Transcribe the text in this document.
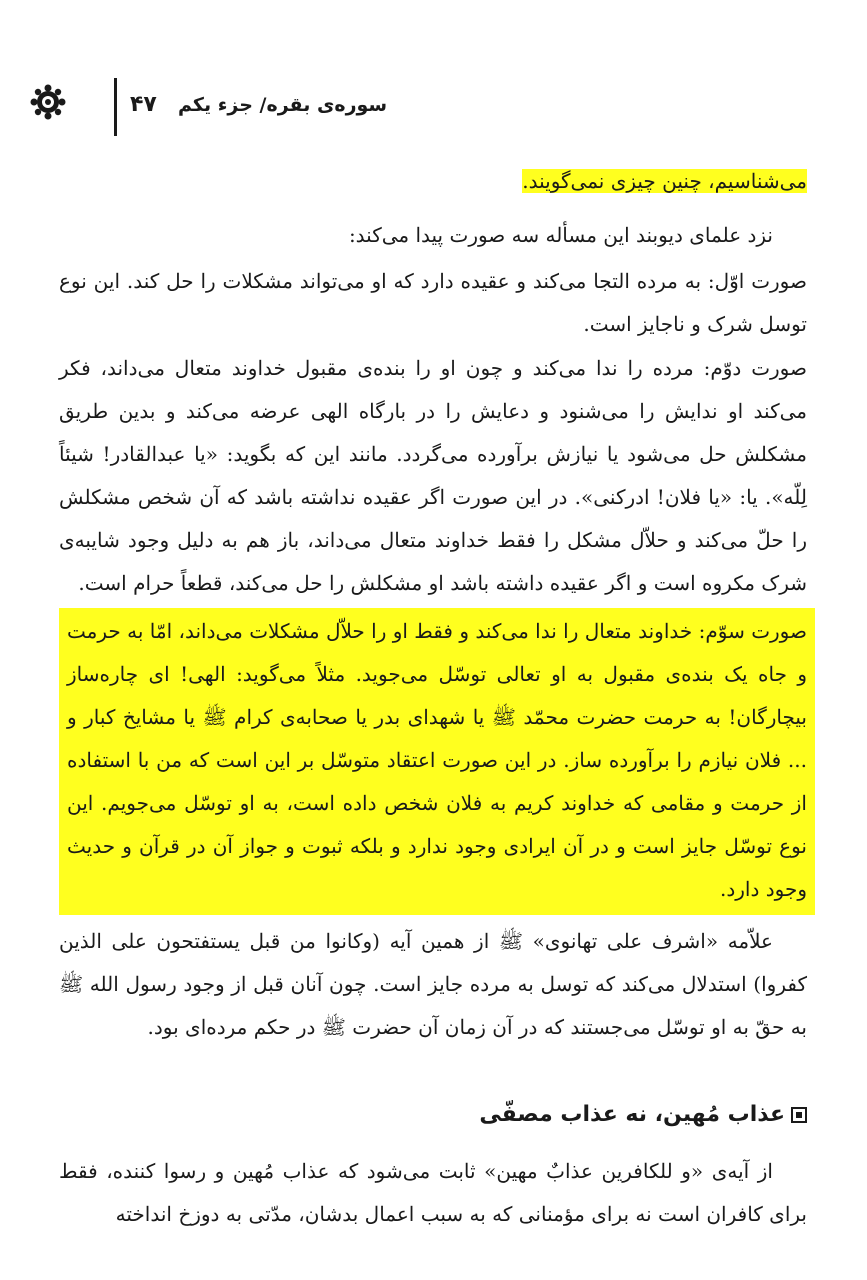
۴۷ سوره‌ی بقره/ جزء یکم
می‌شناسیم، چنین چیزی نمی‌گویند.
نزد علمای دیوبند این مسأله سه صورت پیدا می‌کند:
صورت اوّل: به مرده التجا می‌کند و عقیده دارد که او می‌تواند مشکلات را حل کند. این نوع توسل شرک و ناجایز است.
صورت دوّم: مرده را ندا می‌کند و چون او را بنده‌ی مقبول خداوند متعال می‌داند، فکر می‌کند او ندایش را می‌شنود و دعایش را در بارگاه الهی عرضه می‌کند و بدین طریق مشکلش حل می‌شود یا نیازش برآورده می‌گردد. مانند این که بگوید: «یا عبدالقادر! شیئاً لِلّه». یا: «یا فلان! ادرکنی». در این صورت اگر عقیده نداشته باشد که آن شخص مشکلش را حلّ می‌کند و حلاّل مشکل را فقط خداوند متعال می‌داند، باز هم به دلیل وجود شایبه‌ی شرک مکروه است و اگر عقیده داشته باشد او مشکلش را حل می‌کند، قطعاً حرام است.
صورت سوّم: خداوند متعال را ندا می‌کند و فقط او را حلاّل مشکلات می‌داند، امّا به حرمت و جاه یک بنده‌ی مقبول به او تعالی توسّل می‌جوید. مثلاً می‌گوید: الهی! ای چاره‌ساز بیچارگان! به حرمت حضرت محمّد ﷺ یا شهدای بدر یا صحابه‌ی کرام ﷺ یا مشایخ کبار و ... فلان نیازم را برآورده ساز. در این صورت اعتقاد متوسّل بر این است که من با استفاده از حرمت و مقامی که خداوند کریم به فلان شخص داده است، به او توسّل می‌جویم. این نوع توسّل جایز است و در آن ایرادی وجود ندارد و بلکه ثبوت و جواز آن در قرآن و حدیث وجود دارد.
علاّمه «اشرف علی تهانوی» ﷺ از همین آیه (وکانوا من قبل یستفتحون علی الذین کفروا) استدلال می‌کند که توسل به مرده جایز است. چون آنان قبل از وجود رسول الله ﷺ به حقّ به او توسّل می‌جستند که در آن زمان آن حضرت ﷺ در حکم مرده‌ای بود.
عذاب مُهین، نه عذاب مصفّی
از آیه‌ی «و للکافرین عذابٌ مهین» ثابت می‌شود که عذاب مُهین و رسوا کننده، فقط برای کافران است نه برای مؤمنانی که به سبب اعمال بدشان، مدّتی به دوزخ انداخته
